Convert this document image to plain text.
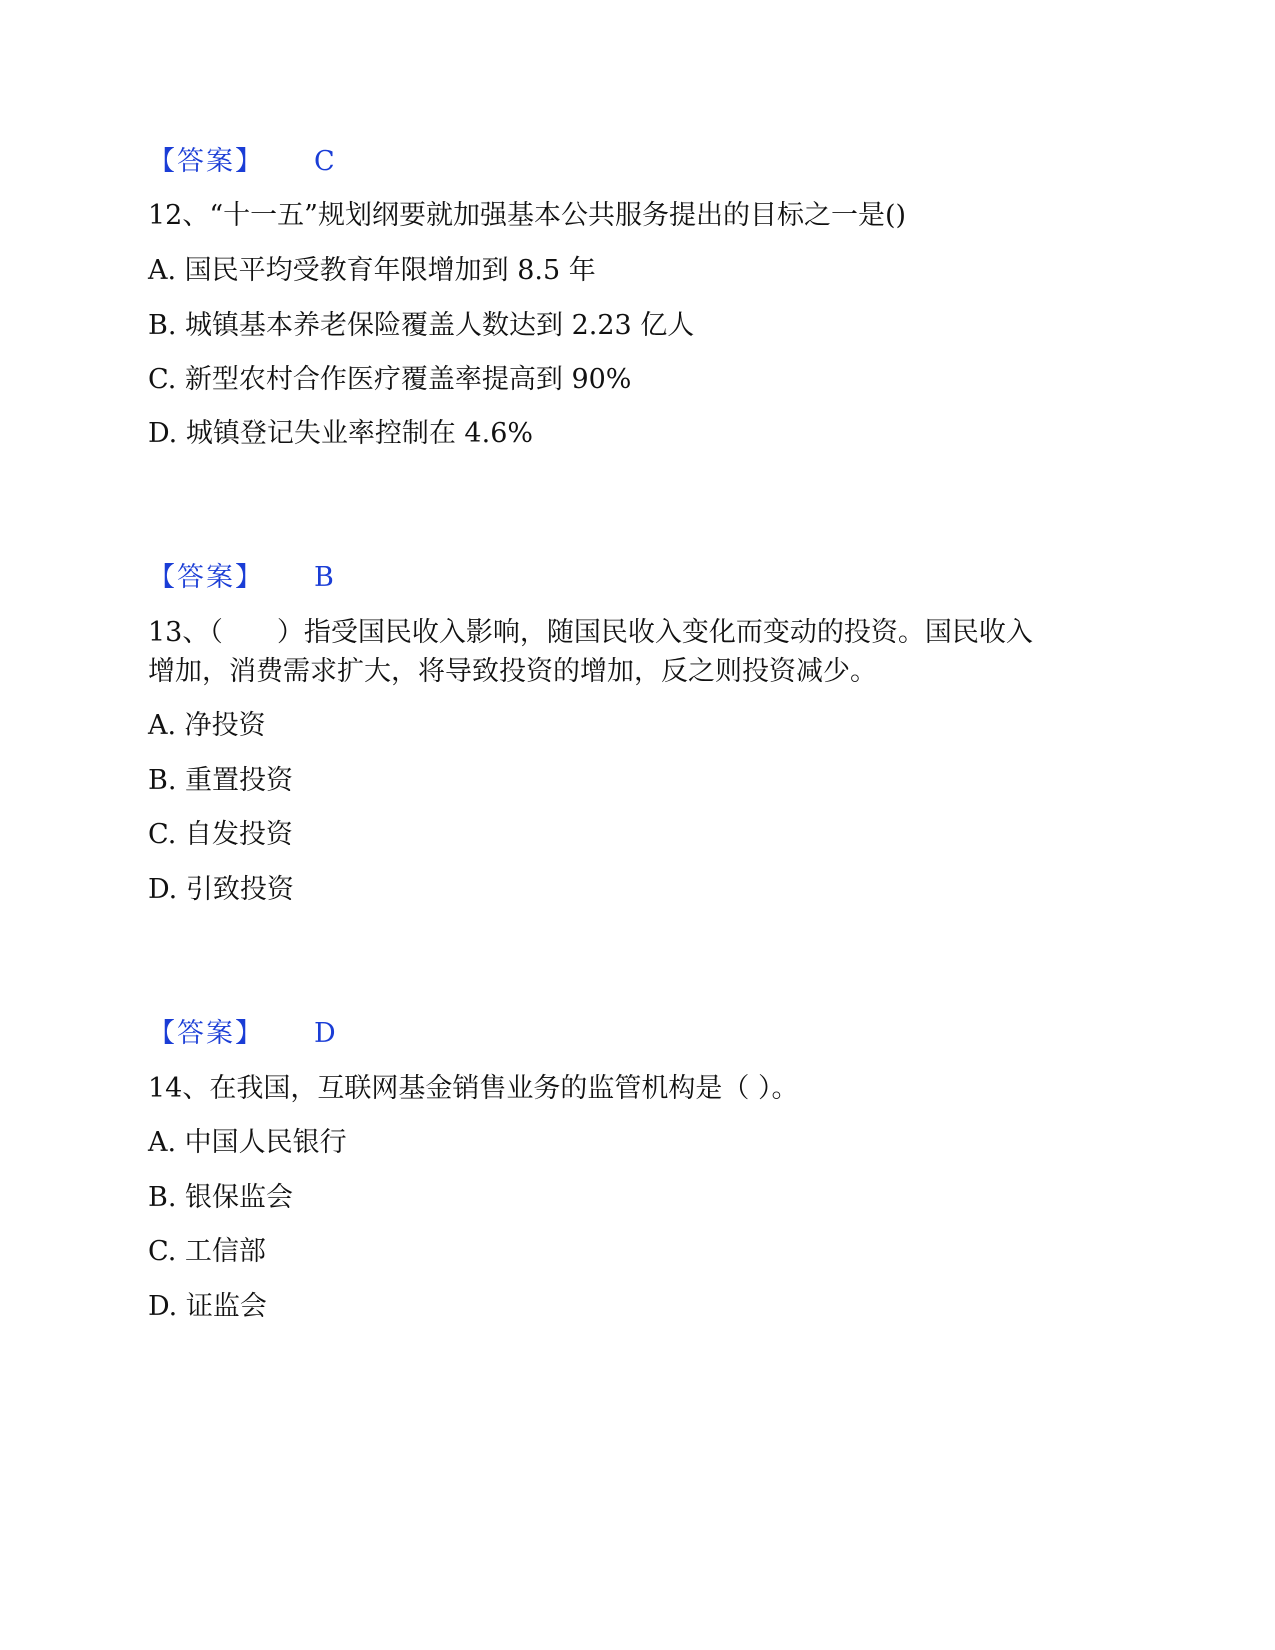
【答案】 C
12、“十一五”规划纲要就加强基本公共服务提出的目标之一是()
A. 国民平均受教育年限增加到 8.5 年
B. 城镇基本养老保险覆盖人数达到 2.23 亿人
C. 新型农村合作医疗覆盖率提高到 90%
D. 城镇登记失业率控制在 4.6%
【答案】 B
13、（　　）指受国民收入影响，随国民收入变化而变动的投资。国民收入
增加，消费需求扩大，将导致投资的增加，反之则投资减少。
A. 净投资
B. 重置投资
C. 自发投资
D. 引致投资
【答案】 D
14、在我国，互联网基金销售业务的监管机构是（ ）。
A. 中国人民银行
B. 银保监会
C. 工信部
D. 证监会
